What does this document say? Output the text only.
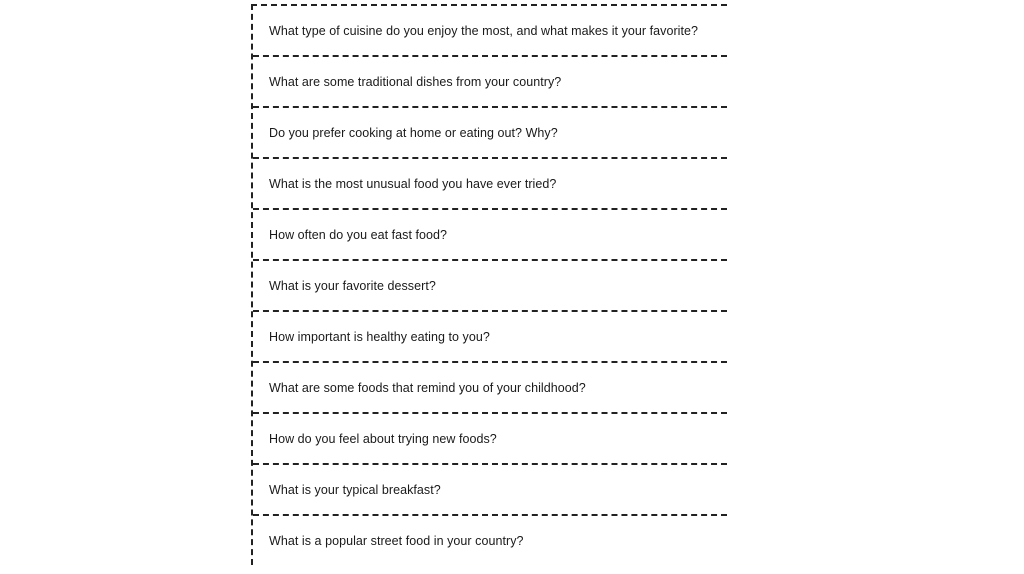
What type of cuisine do you enjoy the most, and what makes it your favorite?
What are some traditional dishes from your country?
Do you prefer cooking at home or eating out? Why?
What is the most unusual food you have ever tried?
How often do you eat fast food?
What is your favorite dessert?
How important is healthy eating to you?
What are some foods that remind you of your childhood?
How do you feel about trying new foods?
What is your typical breakfast?
What is a popular street food in your country?
